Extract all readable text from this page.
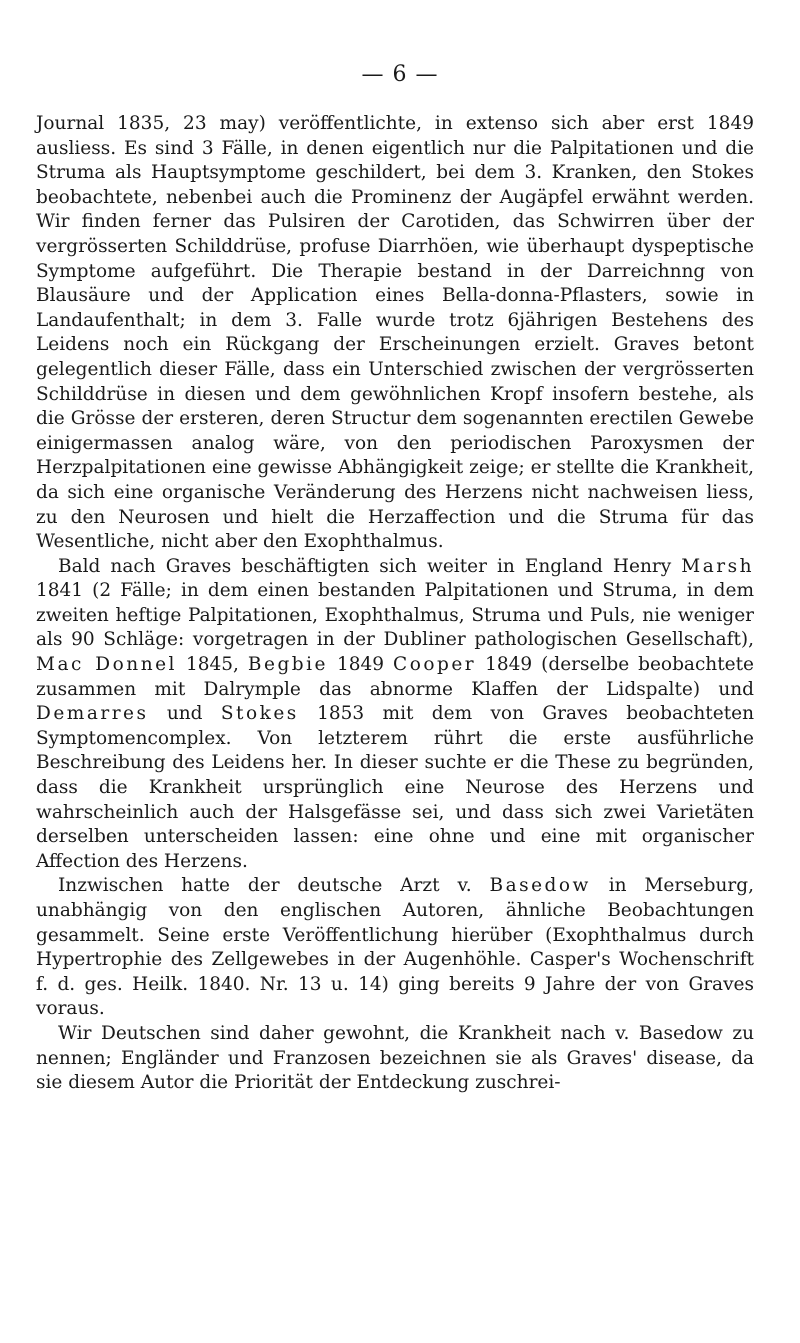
— 6 —

Journal 1835, 23 may) veröffentlichte, in extenso sich aber erst 1849 ausliess. Es sind 3 Fälle, in denen eigentlich nur die Palpitationen und die Struma als Hauptsymptome geschildert, bei dem 3. Kranken, den Stokes beobachtete, nebenbei auch die Prominenz der Augäpfel erwähnt werden. Wir finden ferner das Pulsiren der Carotiden, das Schwirren über der vergrösserten Schilddrüse, profuse Diarrhöen, wie überhaupt dyspeptische Symptome aufgeführt. Die Therapie bestand in der Darreichnng von Blausäure und der Application eines Bella-donna-Pflasters, sowie in Landaufenthalt; in dem 3. Falle wurde trotz 6jährigen Bestehens des Leidens noch ein Rückgang der Erscheinungen erzielt. Graves betont gelegentlich dieser Fälle, dass ein Unterschied zwischen der vergrösserten Schilddrüse in diesen und dem gewöhnlichen Kropf insofern bestehe, als die Grösse der ersteren, deren Structur dem sogenannten erectilen Gewebe einigermassen analog wäre, von den periodischen Paroxysmen der Herzpalpitationen eine gewisse Abhängigkeit zeige; er stellte die Krankheit, da sich eine organische Veränderung des Herzens nicht nachweisen liess, zu den Neurosen und hielt die Herzaffection und die Struma für das Wesentliche, nicht aber den Exophthalmus.

Bald nach Graves beschäftigten sich weiter in England Henry Marsh 1841 (2 Fälle; in dem einen bestanden Palpitationen und Struma, in dem zweiten heftige Palpitationen, Exophthalmus, Struma und Puls, nie weniger als 90 Schläge: vorgetragen in der Dubliner pathologischen Gesellschaft), Mac Donnel 1845, Begbie 1849 Cooper 1849 (derselbe beobachtete zusammen mit Dalrymple das abnorme Klaffen der Lidspalte) und Demarres und Stokes 1853 mit dem von Graves beobachteten Symptomencomplex. Von letzterem rührt die erste ausführliche Beschreibung des Leidens her. In dieser suchte er die These zu begründen, dass die Krankheit ursprünglich eine Neurose des Herzens und wahrscheinlich auch der Halsgefässe sei, und dass sich zwei Varietäten derselben unterscheiden lassen: eine ohne und eine mit organischer Affection des Herzens.

Inzwischen hatte der deutsche Arzt v. Basedow in Merseburg, unabhängig von den englischen Autoren, ähnliche Beobachtungen gesammelt. Seine erste Veröffentlichung hierüber (Exophthalmus durch Hypertrophie des Zellgewebes in der Augenhöhle. Casper's Wochenschrift f. d. ges. Heilk. 1840. Nr. 13 u. 14) ging bereits 9 Jahre der von Graves voraus.

Wir Deutschen sind daher gewohnt, die Krankheit nach v. Basedow zu nennen; Engländer und Franzosen bezeichnen sie als Graves' disease, da sie diesem Autor die Priorität der Entdeckung zuschrei-
